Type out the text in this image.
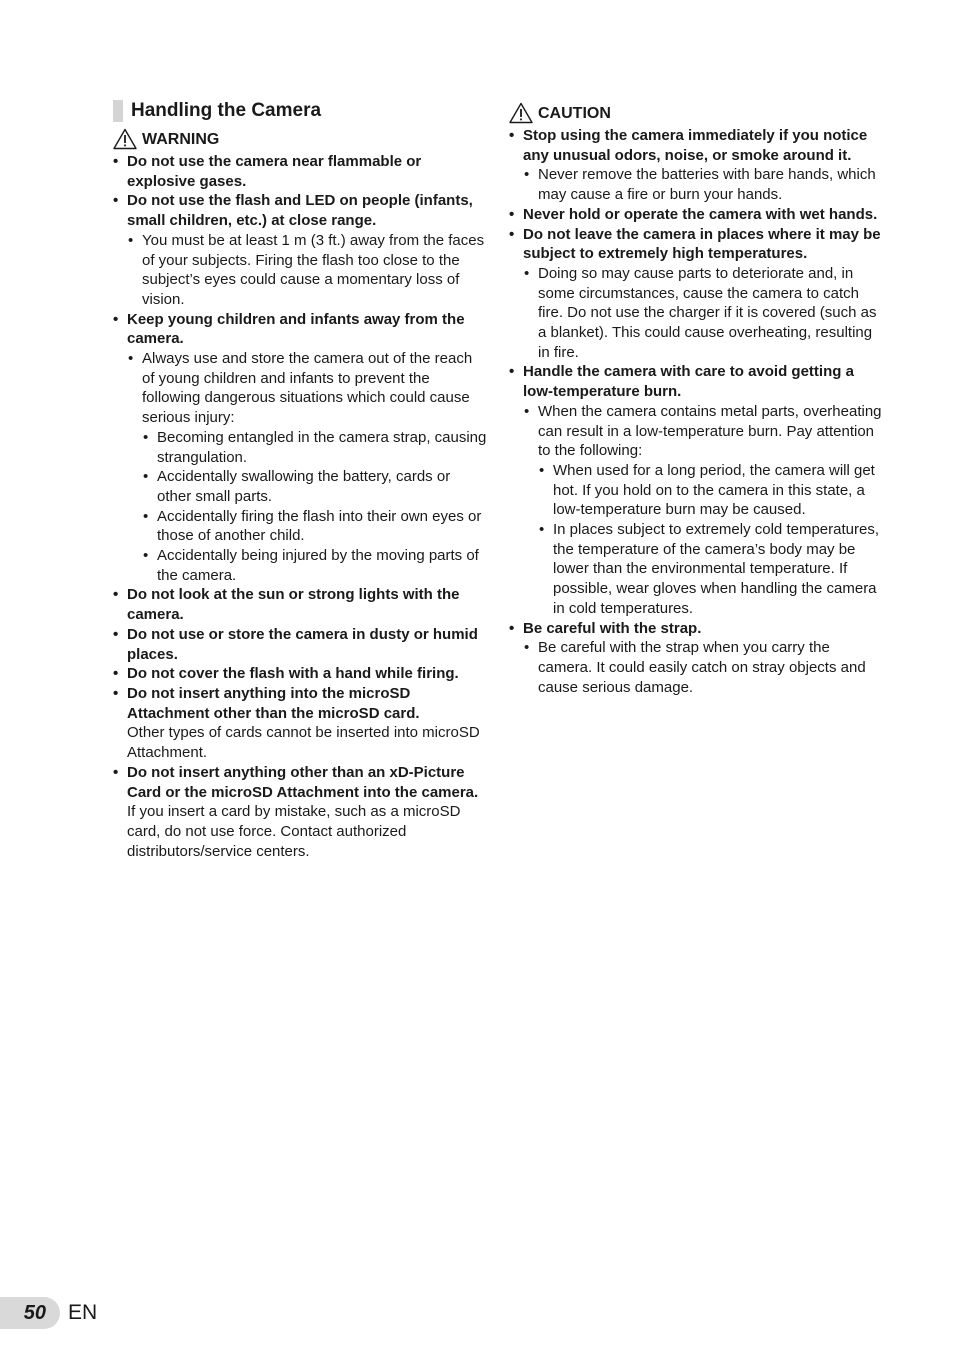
Handling the Camera
WARNING
• Do not use the camera near flammable or explosive gases.
• Do not use the flash and LED on people (infants, small children, etc.) at close range.
• You must be at least 1 m (3 ft.) away from the faces of your subjects. Firing the flash too close to the subject’s eyes could cause a momentary loss of vision.
• Keep young children and infants away from the camera.
• Always use and store the camera out of the reach of young children and infants to prevent the following dangerous situations which could cause serious injury:
• Becoming entangled in the camera strap, causing strangulation.
• Accidentally swallowing the battery, cards or other small parts.
• Accidentally firing the flash into their own eyes or those of another child.
• Accidentally being injured by the moving parts of the camera.
• Do not look at the sun or strong lights with the camera.
• Do not use or store the camera in dusty or humid places.
• Do not cover the flash with a hand while firing.
• Do not insert anything into the microSD Attachment other than the microSD card.
Other types of cards cannot be inserted into microSD Attachment.
• Do not insert anything other than an xD-Picture Card or the microSD Attachment into the camera.
If you insert a card by mistake, such as a microSD card, do not use force. Contact authorized distributors/service centers.
CAUTION
• Stop using the camera immediately if you notice any unusual odors, noise, or smoke around it.
• Never remove the batteries with bare hands, which may cause a fire or burn your hands.
• Never hold or operate the camera with wet hands.
• Do not leave the camera in places where it may be subject to extremely high temperatures.
• Doing so may cause parts to deteriorate and, in some circumstances, cause the camera to catch fire. Do not use the charger if it is covered (such as a blanket). This could cause overheating, resulting in fire.
• Handle the camera with care to avoid getting a low-temperature burn.
• When the camera contains metal parts, overheating can result in a low-temperature burn. Pay attention to the following:
• When used for a long period, the camera will get hot. If you hold on to the camera in this state, a low-temperature burn may be caused.
• In places subject to extremely cold temperatures, the temperature of the camera’s body may be lower than the environmental temperature. If possible, wear gloves when handling the camera in cold temperatures.
• Be careful with the strap.
• Be careful with the strap when you carry the camera. It could easily catch on stray objects and cause serious damage.
50	EN
